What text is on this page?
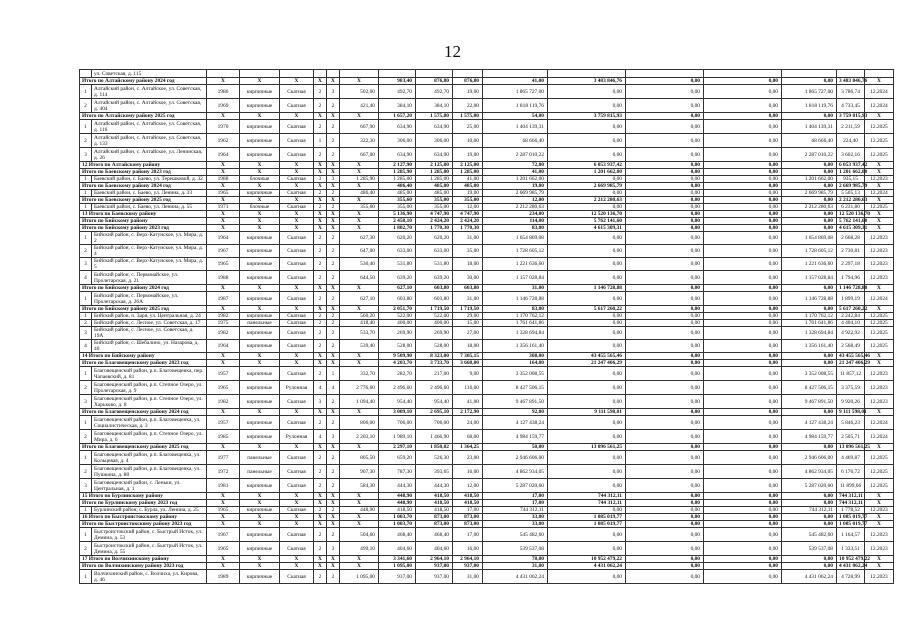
12
	ул. Советская, д. 115																	
Итого по Алтайскому району 2024 год		X	X	X	X	X	X	983,40	876,80	876,80	41,00	3 483 846,76	0,00	0,00	0,00	3 483 846,76	X	
1	Алтайский район, с. Алтайское, ул. Советская, д. 114	1986	кирпичные	Скатная	2	3	502,00	492,70	492,70	19,00	1 865 727,00	0,00	0,00	0,00	1 865 727,00	3 786,74	12.2024	
2	Алтайский район, с. Алтайское, ул. Советская, д. 404	1969	кирпичные	Скатная	2	2	421,40	384,10	384,10	22,00	1 818 119,76	0,00	0,00	0,00	1 818 119,76	4 733,45	12.2024	
Итого по Алтайскому району 2025 год		X	X	X	X	X	X	1 657,20	1 575,80	1 575,80	54,00	3 759 815,93	0,00	0,00	0,00	3 759 815,93	X	
1	Алтайский район, с. Алтайское, ул. Советская, д. 116	1970	кирпичные	Скатная	2	2	667,90	634,90	634,90	25,00	1 404 139,31	0,00	0,00	0,00	1 404 139,31	2 211,59	12.2025	
2	Алтайский район, с. Алтайское, ул. Советская, д. 133	1962	кирпичные	Скатная	1	2	322,30	306,00	306,00	10,00	68 666,40	0,00	0,00	0,00	68 666,40	224,40	12.2025	
3	Алтайский район, с. Алтайское, ул. Ленинская, д. 26	1964	кирпичные	Скатная	2	2	667,00	634,90	634,90	19,00	2 287 010,22	0,00	0,00	0,00	2 287 010,22	3 602,16	12.2025	
12 Итого по Алтайскому району		X	X	X	X	X	X	2 127,90	2 125,00	2 125,00	72,00	6 053 937,42	0,00	0,00	0,00	6 053 937,42	X	
Итого по Баевскому району 2023 год		X	X	X	X	X	X	1 285,90	1 285,00	1 285,00	41,00	1 201 662,00	0,00	0,00	0,00	1 201 662,00	X	
1	Баевский район, с. Баево, ул. Терешковой, д. 32	1988	блочные	Скатная	3	3	1 285,90	1 285,00	1 285,00	41,00	1 201 662,00	0,00	0,00	0,00	1 201 662,00	935,15	12.2023	
Итого по Баевскому району 2024 год		X	X	X	X	X	X	486,40	485,00	485,00	19,00	2 669 985,79	0,00	0,00	0,00	2 669 985,79	X	
1	Баевский район, с. Баево, ул. Ленина, д. 33	1965	кирпичные	Скатная	2	2	486,40	485,00	485,00	19,00	2 669 985,79	0,00	0,00	0,00	2 669 985,79	5 505,13	12.2024	
Итого по Баевскому району 2025 год		X	X	X	X	X	X	355,60	355,00	355,00	12,00	2 212 280,63	0,00	0,00	0,00	2 212 280,63	X	
1	Баевский район, с. Баево, ул. Ленина, д. 55	1971	блочные	Скатная	2	2	355,60	355,00	355,00	12,00	2 212 280,63	0,00	0,00	0,00	2 212 280,63	6 231,80	12.2025	
13 Итого по Баевскому району		X	X	X	X	X	X	5 136,90	4 747,90	4 747,90	234,00	12 520 136,70	0,00	0,00	0,00	12 520 136,70	X	
Итого по Бийскому району		X	X	X	X	X	X	2 458,10	2 424,20	2 424,20	114,00	5 762 141,60	0,00	0,00	0,00	5 762 141,60	X	
Итого по Бийскому району 2023 год		X	X	X	X	X	X	1 802,70	1 770,30	1 770,30	83,00	4 615 309,31	0,00	0,00	0,00	4 615 309,31	X	
1	Бийский район, с. Верх-Катунское, ул. Мира, д. 2	1964	кирпичные	Скатная	2	2	627,30	620,20	620,20	31,00	1 654 869,08	0,00	0,00	0,00	1 654 869,08	2 668,28	12.2023	
2	Бийский район, с. Верх-Катунское, ул. Мира, д. 4	1967	кирпичные	Скатная	2	2	647,00	633,00	633,00	35,00	1 728 605,12	0,00	0,00	0,00	1 728 605,12	2 730,81	12.2023	
3	Бийский район, с. Верх-Катунское, ул. Мира, д. 5	1965	кирпичные	Скатная	2	2	530,40	531,80	531,80	18,00	1 221 636,60	0,00	0,00	0,00	1 221 636,60	2 297,18	12.2023	
4	Бийский район, с. Первомайское, ул. Пролетарская, д. 21	1988	кирпичные	Скатная	2	2	644,50	639,20	639,20	30,00	1 157 028,84	0,00	0,00	0,00	1 157 028,84	1 794,96	12.2023	
Итого по Бийскому району 2024 год		X	X	X	X	X	X	627,10	603,80	603,80	31,00	1 146 728,88	0,00	0,00	0,00	1 146 728,88	X	
1	Бийский район, с. Первомайское, ул. Пролетарская, д. 26А	1987	кирпичные	Скатная	2	2	627,10	603,80	603,80	31,00	1 146 728,88	0,00	0,00	0,00	1 146 728,88	1 899,19	12.2024	
Итого по Бийскому району 2025 год		X	X	X	X	X	X	2 051,70	1 719,50	1 719,50	83,00	5 617 260,22	0,00	0,00	0,00	5 617 260,22	X	
1	Бийский район, п. Заря, ул. Центральная, д. 24	1982	кирпичные	Скатная	2	2	560,20	522,00	522,00	29,00	1 170 762,12	0,00	0,00	0,00	1 170 762,12	2 242,84	12.2025	
2	Бийский район, с. Лесное, ул. Советская, д. 17	1975	панельные	Скатная	2	2	418,40	400,00	400,00	15,00	1 761 641,86	0,00	0,00	0,00	1 761 641,86	4 404,10	12.2025	
3	Бийский район, с. Лесное, ул. Советская, д. 19А	1982	кирпичные	Скатная	2	2	533,70	269,90	269,90	27,00	1 328 694,84	0,00	0,00	0,00	1 328 694,84	4 922,92	12.2025	
4	Бийский район, с. Шебалино, ул. Назарова, д. 40	1964	кирпичные	Скатная	2	2	539,40	528,00	528,00	18,00	1 356 161,40	0,00	0,00	0,00	1 356 161,40	2 568,49	12.2025	
14 Итого по Бийскому району		X	X	X	X	X	X	9 509,90	8 323,00	7 305,15	308,00	43 455 565,46	0,00	0,00	0,00	43 455 565,46	X	
Итого по Благовещенскому району 2023 год		X	X	X	X	X	X	4 203,70	3 733,70	3 668,00	164,00	21 247 406,29	0,00	0,00	0,00	21 247 406,29	X	
1	Благовещенский район, р.п. Благовещенка, пер. Чапаевский, д. 81	1957	кирпичные	Скатная	2	1	332,70	282,70	217,00	9,00	3 352 008,55	0,00	0,00	0,00	3 352 008,55	11 857,12	12.2023	
2	Благовещенский район, р.п. Степное Озеро, ул. Пролетарская, д. 9	1965	кирпичные	Рулонная	4	4	2 776,60	2 496,60	2 496,60	116,00	8 427 506,15	0,00	0,00	0,00	8 427 506,15	3 375,59	12.2023	
3	Благовещенский район, р.п. Степное Озеро, ул. Харьково, д. 8	1982	кирпичные	Скатная	3	2	1 094,40	954,40	954,40	41,00	9 467 891,50	0,00	0,00	0,00	9 467 891,50	9 920,26	12.2023	
Итого по Благовещенскому району 2024 год		X	X	X	X	X	X	3 009,10	2 695,10	2 172,90	92,00	9 111 598,01	0,00	0,00	0,00	9 111 598,01	X	
1	Благовещенский район, р.п. Благовещенка, ул. Социалистическая, д. 3	1957	кирпичные	Скатная	2	2	806,00	706,00	706,00	24,00	4 127 438,24	0,00	0,00	0,00	4 127 438,24	5 846,23	12.2024	
2	Благовещенский район, р.п. Степное Озеро, ул. Мира, д. 6	1985	кирпичные	Рулонная	4	3	2 203,10	1 989,10	1 466,90	68,00	4 984 159,77	0,00	0,00	0,00	4 984 159,77	2 505,71	12.2024	
Итого по Благовещенскому району 2025 год		X	X	X	X	X	X	2 297,10	1 850,02	1 364,25	50,00	13 096 561,25	0,00	0,00	0,00	13 096 561,25	X	
1	Благовещенский район, р.п. Благовещенка, ул. Кольцевая, д. 4	1977	панельные	Скатная	2	2	805,50	659,20	526,30	23,00	2 946 606,00	0,00	0,00	0,00	2 946 606,00	4 469,87	12.2025	
2	Благовещенский район, р.п. Благовещенка, ул. Пушкина, д. 88	1972	панельные	Скатная	2	2	907,30	787,30	393,65	16,00	4 862 934,05	0,00	0,00	0,00	4 862 934,05	6 176,72	12.2025	
3	Благовещенский район, с. Леньки, ул. Центральная, д. 1	1981	кирпичные	Скатная	2	2	584,30	444,30	444,30	12,00	5 287 020,60	0,00	0,00	0,00	5 287 020,60	11 899,66	12.2025	
15 Итого по Бурлинскому району		X	X	X	X	X	X	448,90	418,50	418,50	17,00	744 312,11	0,00	0,00	0,00	744 312,11	X	
Итого по Бурлинскому району 2023 год		X	X	X	X	X	X	448,90	418,50	418,50	17,00	744 312,11	0,00	0,00	0,00	744 312,11	X	
1	Бурлинский район, с. Бурла, ул. Ленина, д. 25	1965	кирпичные	Скатная	2	2	448,90	418,50	418,50	17,00	744 312,11	0,00	0,00	0,00	744 312,11	1 778,52	12.2023	
16 Итого по Быстроистокскому району		X	X	X	X	X	X	1 003,70	873,00	873,00	33,00	1 085 019,77	0,00	0,00	0,00	1 085 019,77	X	
Итого по Быстроистокскому району 2023 год		X	X	X	X	X	X	1 003,70	873,00	873,00	33,00	1 085 019,77	0,00	0,00	0,00	1 085 019,77	X	
1	Быстроистокский район, с. Быстрый Исток, ул. Демина, д. 53	1967	кирпичные	Скатная	2	2	504,60	468,40	468,40	17,00	545 482,60	0,00	0,00	0,00	545 482,60	1 164,57	12.2023	
2	Быстроистокский район, с. Быстрый Исток, ул. Демина, д. 55	1965	кирпичные	Скатная	2	3	499,10	404,60	404,60	16,00	539 537,08	0,00	0,00	0,00	539 537,08	1 333,51	12.2023	
17 Итого по Волчихинскому району		X	X	X	X	X	X	3 341,60	2 964,10	2 964,10	78,00	10 952 479,22	0,00	0,00	0,00	10 952 479,22	X	
Итого по Волчихинскому району 2023 год		X	X	X	X	X	X	1 095,00	937,00	937,00	31,00	4 431 062,24	0,00	0,00	0,00	4 431 062,24	X	
1	Волчихинский район, с. Волчиха, ул. Кирова, д. 46	1989	кирпичные	Скатная	2	2	1 095,00	937,00	937,00	31,00	4 431 062,24	0,00	0,00	0,00	4 431 062,24	4 728,99	12.2023	
